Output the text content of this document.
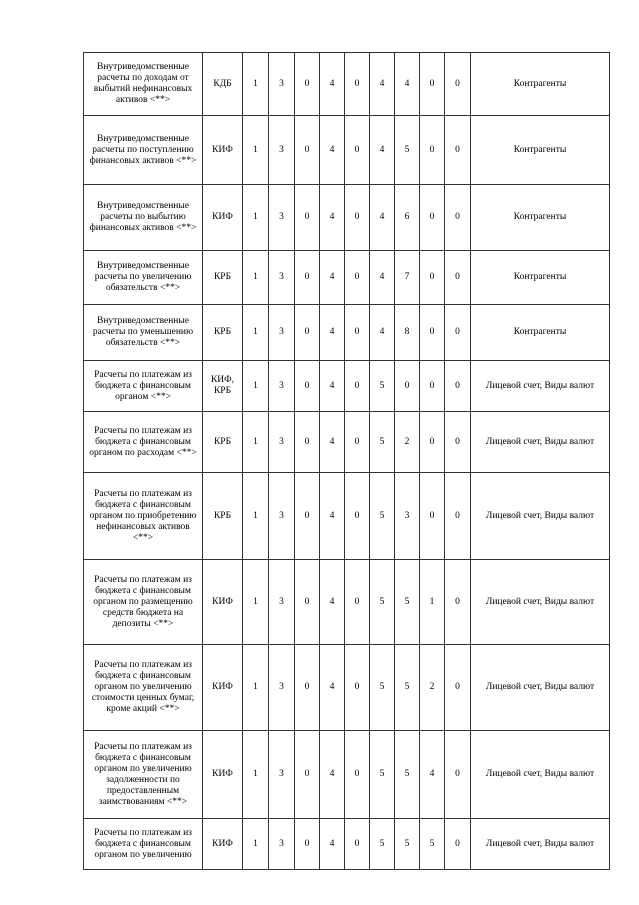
Внутриведомственные расчеты по доходам от выбытий нефинансовых активов <**>	КДБ	1	3	0	4	0	4	4	0	0	Контрагенты
Внутриведомственные расчеты по поступлению финансовых активов <**>	КИФ	1	3	0	4	0	4	5	0	0	Контрагенты
Внутриведомственные расчеты по выбытию финансовых активов <**>	КИФ	1	3	0	4	0	4	6	0	0	Контрагенты
Внутриведомственные расчеты по увеличению обязательств <**>	КРБ	1	3	0	4	0	4	7	0	0	Контрагенты
Внутриведомственные расчеты по уменьшению обязательств <**>	КРБ	1	3	0	4	0	4	8	0	0	Контрагенты
Расчеты по платежам из бюджета с финансовым органом <**>	КИФ, КРБ	1	3	0	4	0	5	0	0	0	Лицевой счет, Виды валют
Расчеты по платежам из бюджета с финансовым органом по расходам <**>	КРБ	1	3	0	4	0	5	2	0	0	Лицевой счет, Виды валют
Расчеты по платежам из бюджета с финансовым органом по приобретению нефинансовых активов <**>	КРБ	1	3	0	4	0	5	3	0	0	Лицевой счет, Виды валют
Расчеты по платежам из бюджета с финансовым органом по размещению средств бюджета на депозиты <**>	КИФ	1	3	0	4	0	5	5	1	0	Лицевой счет, Виды валют
Расчеты по платежам из бюджета с финансовым органом по увеличению стоимости ценных бумаг, кроме акций <**>	КИФ	1	3	0	4	0	5	5	2	0	Лицевой счет, Виды валют
Расчеты по платежам из бюджета с финансовым органом по увеличению задолженности по предоставленным заимствованиям <**>	КИФ	1	3	0	4	0	5	5	4	0	Лицевой счет, Виды валют
Расчеты по платежам из бюджета с финансовым органом по увеличению	КИФ	1	3	0	4	0	5	5	5	0	Лицевой счет, Виды валют
